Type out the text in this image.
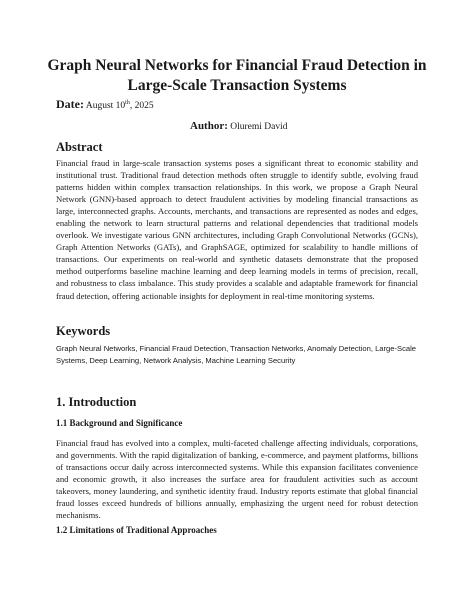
Graph Neural Networks for Financial Fraud Detection in Large-Scale Transaction Systems
Date: August 10th, 2025
Author: Oluremi David
Abstract

Financial fraud in large-scale transaction systems poses a significant threat to economic stability and institutional trust. Traditional fraud detection methods often struggle to identify subtle, evolving fraud patterns hidden within complex transaction relationships. In this work, we propose a Graph Neural Network (GNN)-based approach to detect fraudulent activities by modeling financial transactions as large, interconnected graphs. Accounts, merchants, and transactions are represented as nodes and edges, enabling the network to learn structural patterns and relational dependencies that traditional models overlook. We investigate various GNN architectures, including Graph Convolutional Networks (GCNs), Graph Attention Networks (GATs), and GraphSAGE, optimized for scalability to handle millions of transactions. Our experiments on real-world and synthetic datasets demonstrate that the proposed method outperforms baseline machine learning and deep learning models in terms of precision, recall, and robustness to class imbalance. This study provides a scalable and adaptable framework for financial fraud detection, offering actionable insights for deployment in real-time monitoring systems.

Keywords

Graph Neural Networks, Financial Fraud Detection, Transaction Networks, Anomaly Detection, Large-Scale Systems, Deep Learning, Network Analysis, Machine Learning Security

1. Introduction
1.1 Background and Significance

Financial fraud has evolved into a complex, multi-faceted challenge affecting individuals, corporations, and governments. With the rapid digitalization of banking, e-commerce, and payment platforms, billions of transactions occur daily across interconnected systems. While this expansion facilitates convenience and economic growth, it also increases the surface area for fraudulent activities such as account takeovers, money laundering, and synthetic identity fraud. Industry reports estimate that global financial fraud losses exceed hundreds of billions annually, emphasizing the urgent need for robust detection mechanisms.

1.2 Limitations of Traditional Approaches
